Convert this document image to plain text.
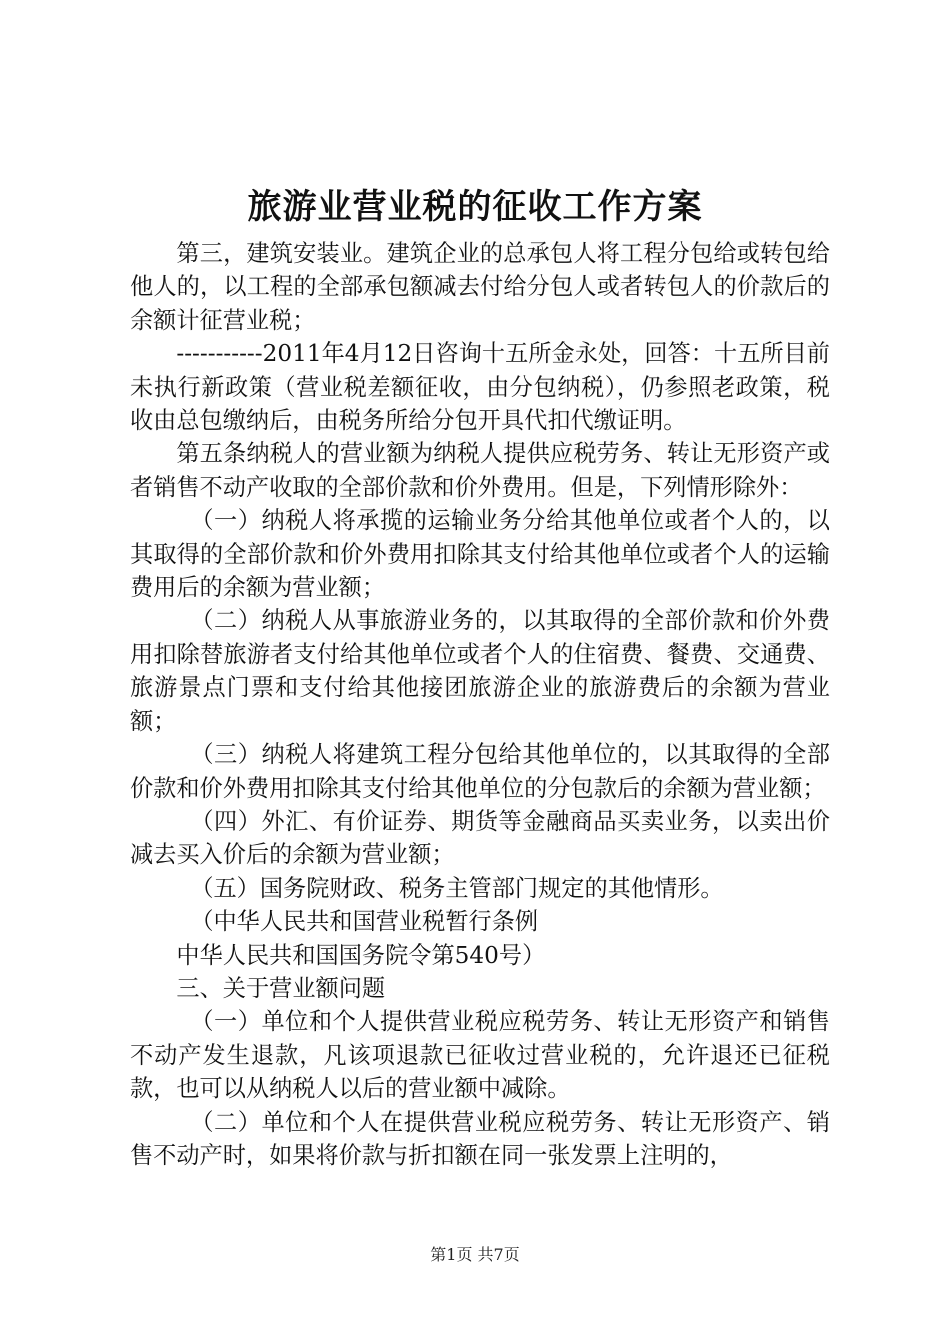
旅游业营业税的征收工作方案

第三，建筑安装业。建筑企业的总承包人将工程分包给或转包给他人的，以工程的全部承包额减去付给分包人或者转包人的价款后的余额计征营业税；

-----------2011年4月12日咨询十五所金永处，回答：十五所目前未执行新政策（营业税差额征收，由分包纳税），仍参照老政策，税收由总包缴纳后，由税务所给分包开具代扣代缴证明。

第五条纳税人的营业额为纳税人提供应税劳务、转让无形资产或者销售不动产收取的全部价款和价外费用。但是，下列情形除外：

（一）纳税人将承揽的运输业务分给其他单位或者个人的，以其取得的全部价款和价外费用扣除其支付给其他单位或者个人的运输费用后的余额为营业额；

（二）纳税人从事旅游业务的，以其取得的全部价款和价外费用扣除替旅游者支付给其他单位或者个人的住宿费、餐费、交通费、旅游景点门票和支付给其他接团旅游企业的旅游费后的余额为营业额；

（三）纳税人将建筑工程分包给其他单位的，以其取得的全部价款和价外费用扣除其支付给其他单位的分包款后的余额为营业额；

（四）外汇、有价证券、期货等金融商品买卖业务，以卖出价减去买入价后的余额为营业额；

（五）国务院财政、税务主管部门规定的其他情形。

（中华人民共和国营业税暂行条例

中华人民共和国国务院令第540号）

三、关于营业额问题

（一）单位和个人提供营业税应税劳务、转让无形资产和销售不动产发生退款，凡该项退款已征收过营业税的，允许退还已征税款，也可以从纳税人以后的营业额中减除。

（二）单位和个人在提供营业税应税劳务、转让无形资产、销售不动产时，如果将价款与折扣额在同一张发票上注明的，

第1页 共7页
